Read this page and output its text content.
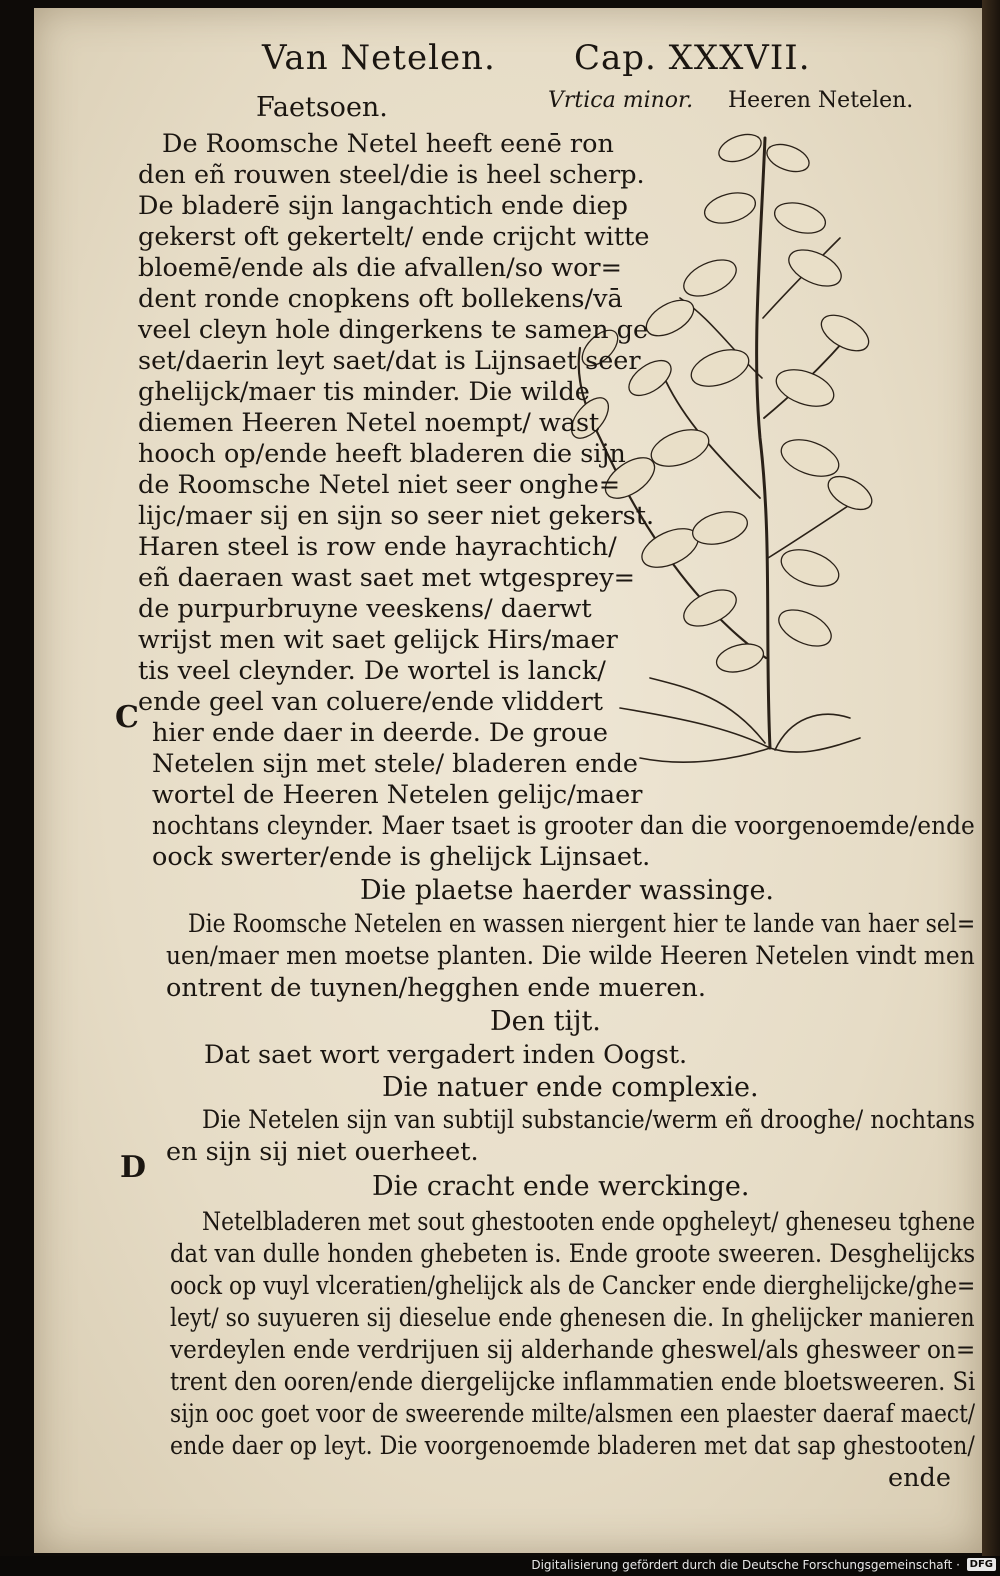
Van Netelen. Cap. XXXVII.
Faetsoen.	Vrtica minor. Heeren Netelen.
C
D
De Roomsche Netel heeft eenē ron
den eñ rouwen steel/die is heel scherp.
De bladerē sijn langachtich ende diep
gekerst oft gekertelt/ ende crijcht witte
bloemē/ende als die afvallen/so wor=
dent ronde cnopkens oft bollekens/vā
veel cleyn hole dingerkens te samen ge
set/daerin leyt saet/dat is Lijnsaet seer
ghelijck/maer tis minder. Die wilde
diemen Heeren Netel noempt/ wast
hooch op/ende heeft bladeren die sijn
de Roomsche Netel niet seer onghe=
lijc/maer sij en sijn so seer niet gekerst.
Haren steel is row ende hayrachtich/
eñ daeraen wast saet met wtgesprey=
de purpurbruyne veeskens/ daerwt
wrijst men wit saet gelijck Hirs/maer
tis veel cleynder. De wortel is lanck/
ende geel van coluere/ende vliddert
hier ende daer in deerde. De groue
Netelen sijn met stele/ bladeren ende
wortel de Heeren Netelen gelijc/maer
nochtans cleynder. Maer tsaet is grooter dan die voorgenoemde/ende
oock swerter/ende is ghelijck Lijnsaet.
Die plaetse haerder wassinge.
Die Roomsche Netelen en wassen niergent hier te lande van haer sel=
uen/maer men moetse planten. Die wilde Heeren Netelen vindt men
ontrent de tuynen/hegghen ende mueren.
Den tijt.
Dat saet wort vergadert inden Oogst.
Die natuer ende complexie.
Die Netelen sijn van subtijl substancie/werm eñ drooghe/ nochtans
en sijn sij niet ouerheet.
Die cracht ende werckinge.
Netelbladeren met sout ghestooten ende opgheleyt/ gheneseu tghene
dat van dulle honden ghebeten is. Ende groote sweeren. Desghelijcks
oock op vuyl vlceratien/ghelijck als de Cancker ende dierghelijcke/ghe=
leyt/ so suyueren sij dieselue ende ghenesen die. In ghelijcker manieren
verdeylen ende verdrijuen sij alderhande gheswel/als ghesweer on=
trent den ooren/ende diergelijcke inflammatien ende bloetsweeren. Si
sijn ooc goet voor de sweerende milte/alsmen een plaester daeraf maect/
ende daer op leyt. Die voorgenoemde bladeren met dat sap ghestooten/
ende
Digitalisierung gefördert durch die Deutsche Forschungsgemeinschaft · DFG
